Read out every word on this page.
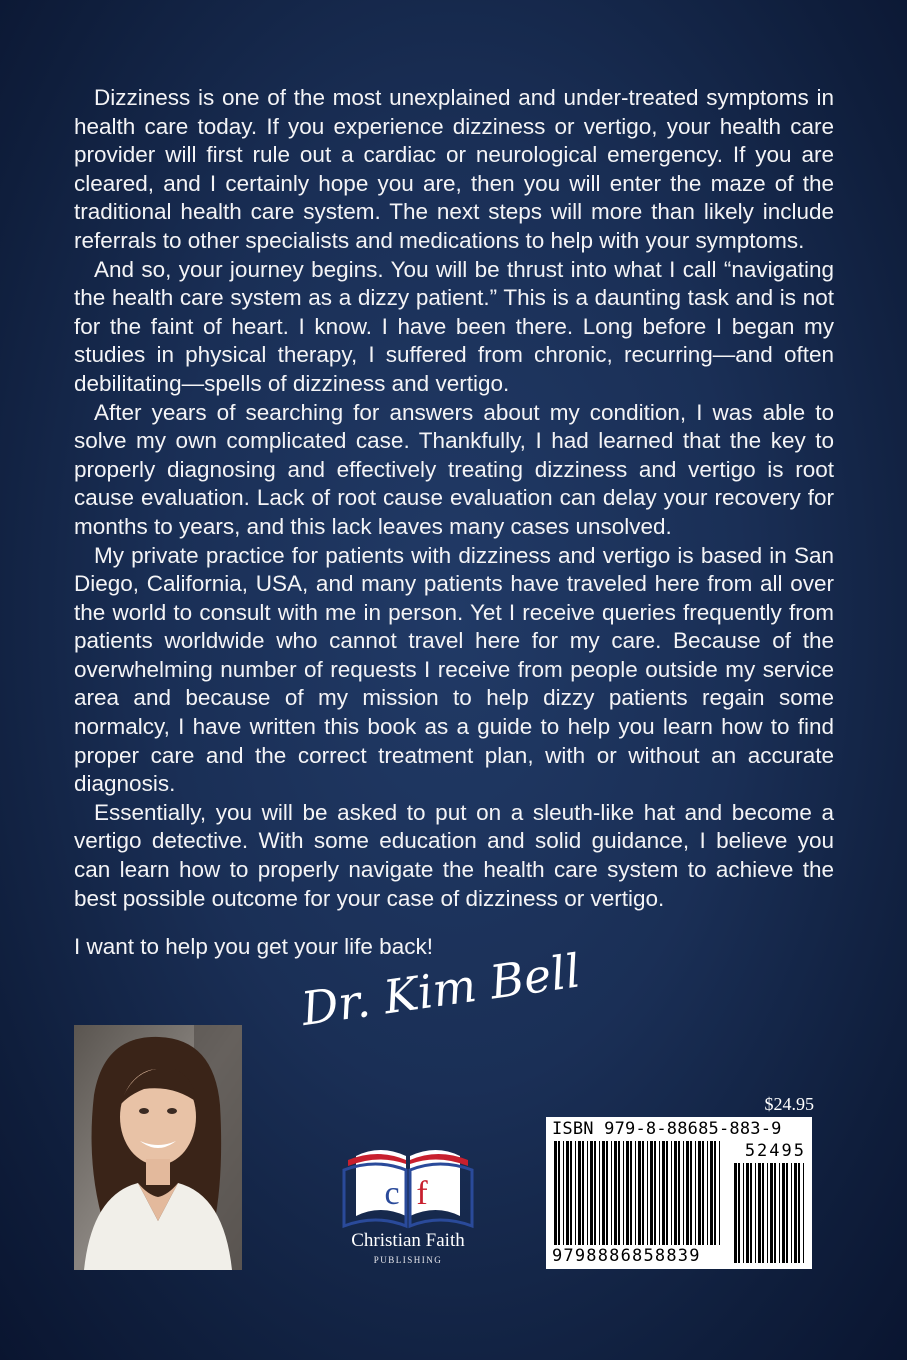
Dizziness is one of the most unexplained and under-treated symptoms in health care today. If you experience dizziness or vertigo, your health care provider will first rule out a cardiac or neurological emergency. If you are cleared, and I certainly hope you are, then you will enter the maze of the traditional health care system. The next steps will more than likely include referrals to other specialists and medications to help with your symptoms.

And so, your journey begins. You will be thrust into what I call “navigating the health care system as a dizzy patient.” This is a daunting task and is not for the faint of heart. I know. I have been there. Long before I began my studies in physical therapy, I suffered from chronic, recurring—and often debilitating—spells of dizziness and vertigo.

After years of searching for answers about my condition, I was able to solve my own complicated case. Thankfully, I had learned that the key to properly diagnosing and effectively treating dizziness and vertigo is root cause evaluation. Lack of root cause evaluation can delay your recovery for months to years, and this lack leaves many cases unsolved.

My private practice for patients with dizziness and vertigo is based in San Diego, California, USA, and many patients have traveled here from all over the world to consult with me in person. Yet I receive queries frequently from patients worldwide who cannot travel here for my care. Because of the overwhelming number of requests I receive from people outside my service area and because of my mission to help dizzy patients regain some normalcy, I have written this book as a guide to help you learn how to find proper care and the correct treatment plan, with or without an accurate diagnosis.

Essentially, you will be asked to put on a sleuth-like hat and become a vertigo detective. With some education and solid guidance, I believe you can learn how to properly navigate the health care system to achieve the best possible outcome for your case of dizziness or vertigo.

I want to help you get your life back!

Dr. Kim Bell
c f
Christian Faith
PUBLISHING
$24.95
ISBN 979-8-88685-883-9
52495
9798886858839
